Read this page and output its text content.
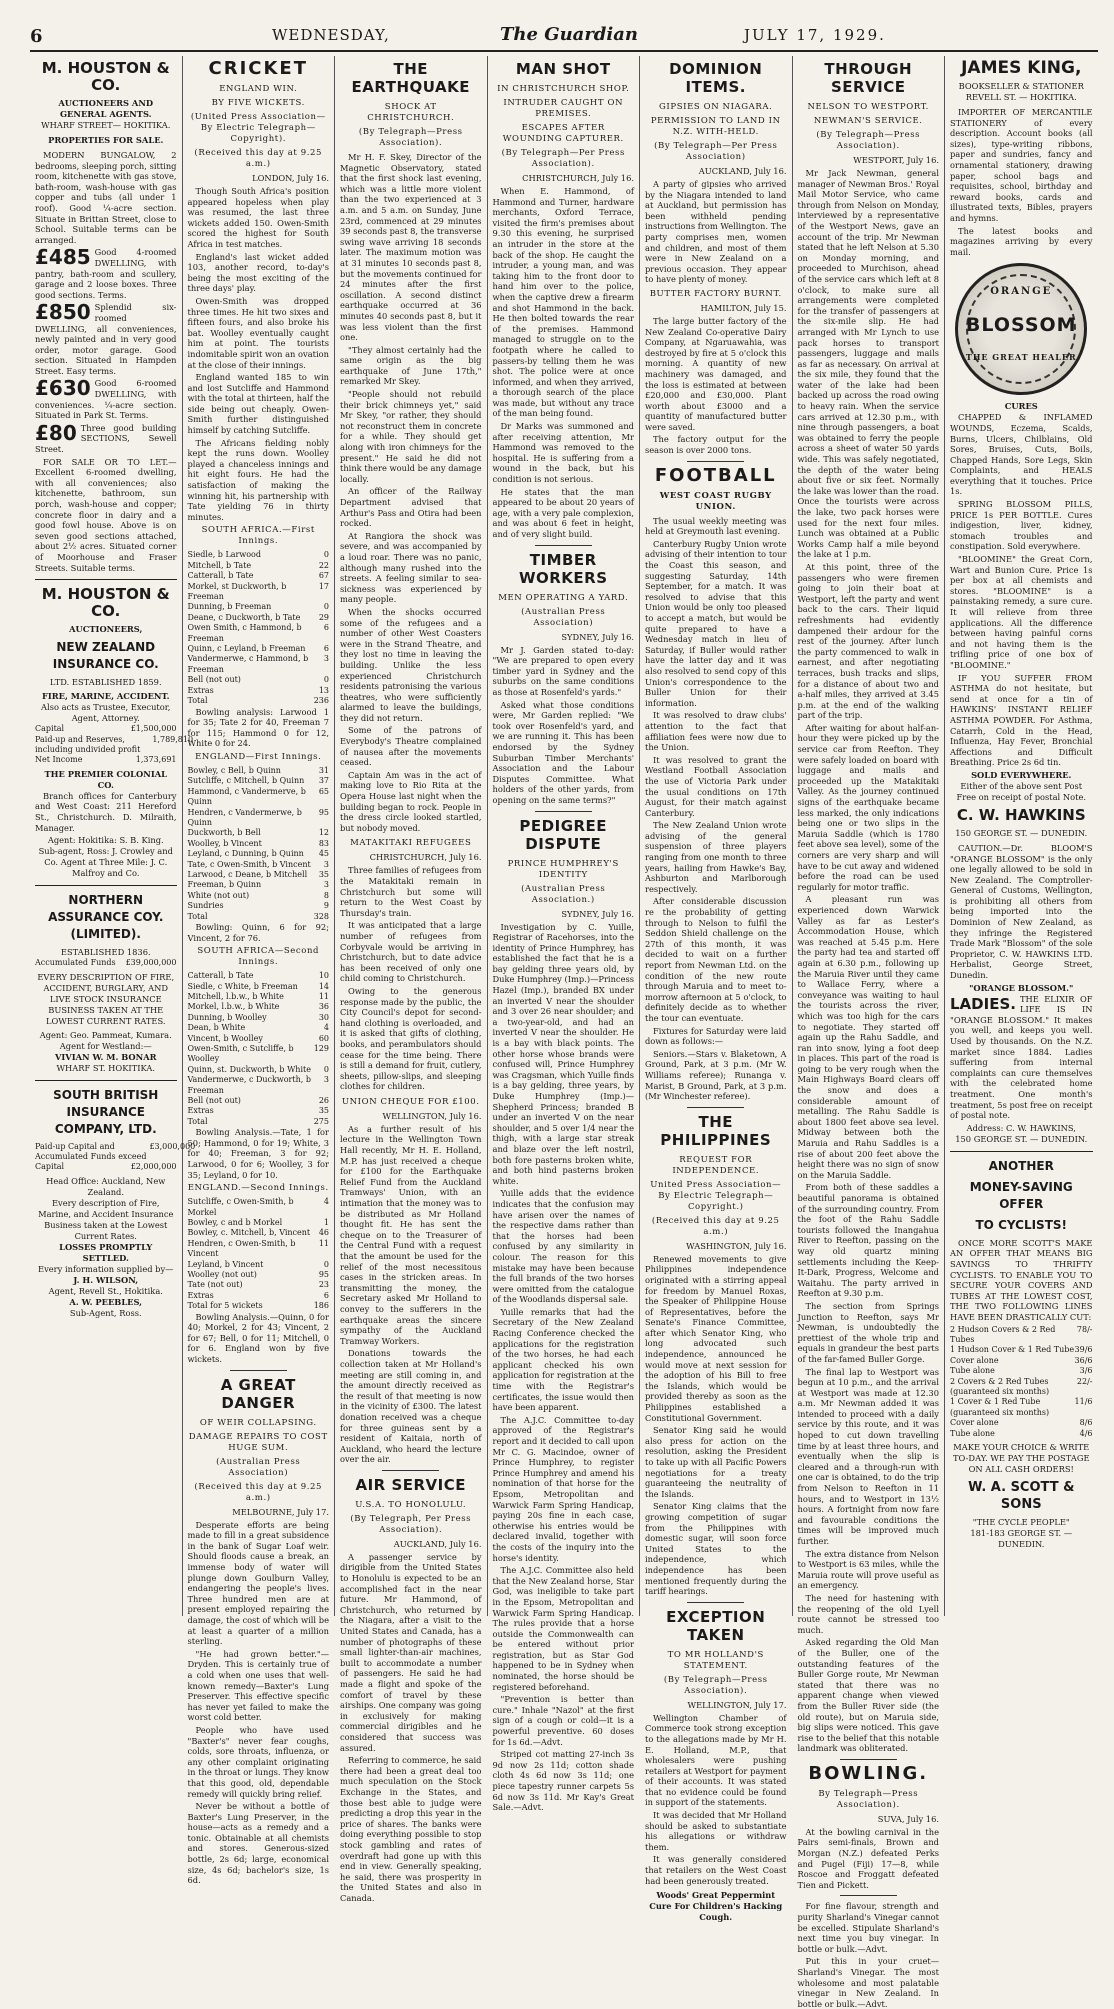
6	WEDNESDAY,	The Guardian	JULY 17, 1929.
M. HOUSTON & CO.
AUCTIONEERS AND GENERAL AGENTS.
WHARF STREET— HOKITIKA.
PROPERTIES FOR SALE.

MODERN BUNGALOW, 2 bedrooms, sleeping porch, sitting room, kitchenette with gas stove, bath-room, wash-house with gas copper and tubs (all under 1 roof). Good ¼-acre section. Situate in Brittan Street, close to School. Suitable terms can be arranged.

£485 Good 4-roomed DWELLING, with pantry, bath-room and scullery, garage and 2 loose boxes. Three good sections. Terms.

£850 Splendid six-roomed DWELLING, all conveniences, newly painted and in very good order, motor garage. Good section. Situated in Hampden Street. Easy terms.

£630 Good 6-roomed DWELLING, with conveniences. ¼-acre section. Situated in Park St. Terms.

£80 Three good building SECTIONS, Sewell Street.

FOR SALE OR TO LET.—Excellent 6-roomed dwelling, with all conveniences; also kitchenette, bathroom, sun porch, wash-house and copper; concrete floor in dairy and a good fowl house. Above is on seven good sections attached, about 2½ acres. Situated corner of Moorhouse and Fraser Streets. Suitable terms.

M. HOUSTON & CO.
AUCTIONEERS,
NEW ZEALAND INSURANCE CO.
LTD. ESTABLISHED 1859.
FIRE, MARINE, ACCIDENT.
Also acts as Trustee, Executor, Agent, Attorney.
Capital	£1,500,000
Paid-up and Reserves, including undivided profit
1,789,810
Net Income	1,373,691
THE PREMIER COLONIAL CO.

Branch offices for Canterbury and West Coast: 211 Hereford St., Christchurch. D. Milraith, Manager.

Agent: Hokitika: S. B. King.
Sub-agent, Ross: J. Crowley and Co. Agent at Three Mile: J. C. Malfroy and Co.
NORTHERN ASSURANCE COY. (LIMITED).
ESTABLISHED 1836.
Accumulated Funds £39,000,000
EVERY DESCRIPTION OF FIRE, ACCIDENT, BURGLARY, AND LIVE STOCK INSURANCE BUSINESS TAKEN AT THE LOWEST CURRENT RATES.
Agent: Geo. Pammeat, Kumara. Agent for Westland:—
VIVIAN W. M. BONAR
WHARF ST. HOKITIKA.
SOUTH BRITISH INSURANCE COMPANY, LTD.
Paid-up Capital and Accumulated Funds exceed
£3,000,000
Capital	£2,000,000
Head Office: Auckland, New Zealand.
Every description of Fire, Marine, and Accident Insurance Business taken at the Lowest Current Rates.
LOSSES PROMPTLY SETTLED.
Every information supplied by—
J. H. WILSON,
Agent, Revell St., Hokitika.
A. W. PEEBLES,
Sub-Agent, Ross.
CRICKET
ENGLAND WIN.
BY FIVE WICKETS.
(United Press Association—By Electric Telegraph—Copyright).
(Received this day at 9.25 a.m.)
LONDON, July 16.

Though South Africa's position appeared hopeless when play was resumed, the last three wickets added 150. Owen-Smith scored the highest for South Africa in test matches.

England's last wicket added 103, another record, to-day's being the most exciting of the three days' play.

Owen-Smith was dropped three times. He hit two sixes and fifteen fours, and also broke his bat. Woolley eventually caught him at point. The tourists indomitable spirit won an ovation at the close of their innings.

England wanted 185 to win and lost Sutcliffe and Hammond with the total at thirteen, half the side being out cheaply. Owen-Smith further distinguished himself by catching Sutcliffe.

The Africans fielding nobly kept the runs down. Woolley played a chanceless innings and hit eight fours. He had the satisfaction of making the winning hit, his partnership with Tate yielding 76 in thirty minutes.

SOUTH AFRICA.—First Innings.
Siedle, b Larwood	0
Mitchell, b Tate	22
Catterall, b Tate	67
Morkel, st Duckworth, b Freeman
17
Dunning, b Freeman	0
Deane, c Duckworth, b Tate	29
Owen Smith, c Hammond, b Freeman
6
Quinn, c Leyland, b Freeman	6
Vandermerwe, c Hammond, b Freeman
3
Bell (not out)	0
Extras	13
Total	236

Bowling analysis: Larwood 1 for 35; Tate 2 for 40, Freeman 7 for 115; Hammond 0 for 12, White 0 for 24.

ENGLAND—First Innings.
Bowley, c Bell, b Quinn	31
Sutcliffe, c Mitchell, b Quinn	37
Hammond, c Vandermerve, b Quinn
65
Hendren, c Vandermerwe, b Quinn
95
Duckworth, b Bell	12
Woolley, b Vincent	83
Leyland, c Dunning, b Quinn	45
Tate, c Owen-Smith, b Vincent	3
Larwood, c Deane, b Mitchell	35
Freeman, b Quinn	3
White (not out)	8
Sundries	9
Total	328

Bowling: Quinn, 6 for 92; Vincent, 2 for 76.

SOUTH AFRICA—Second Innings.
Catterall, b Tate	10
Siedle, c White, b Freeman	14
Mitchell, l.b.w., b White	11
Morkel, l.b.w., b White	36
Dunning, b Woolley	30
Dean, b White	4
Vincent, b Woolley	60
Owen-Smith, c Sutcliffe, b Woolley
129
Quinn, st. Duckworth, b White	0
Vandermerwe, c Duckworth, b Freeman
3
Bell (not out)	26
Extras	35
Total	275

Bowling Analysis.—Tate, 1 for 50; Hammond, 0 for 19; White, 3 for 40; Freeman, 3 for 92; Larwood, 0 for 6; Woolley, 3 for 35; Leyland, 0 for 10.

ENGLAND.—Second Innings.
Sutcliffe, c Owen-Smith, b Morkel
4
Bowley, c and b Morkel	1
Bowley, c. Mitchell, b, Vincent	46
Hendren, c Owen-Smith, b Vincent
11
Leyland, b Vincent	0
Woolley (not out)	95
Tate (not out)	23
Extras	6
Total for 5 wickets	186

Bowling Analysis.—Quinn, 0 for 40; Morkel, 2 for 43; Vincent, 2 for 67; Bell, 0 for 11; Mitchell, 0 for 6. England won by five wickets.

A GREAT DANGER
OF WEIR COLLAPSING.
DAMAGE REPAIRS TO COST HUGE SUM.
(Australian Press Association)
(Received this day at 9.25 a.m.)
MELBOURNE, July 17.

Desperate efforts are being made to fill in a great subsidence in the bank of Sugar Loaf weir. Should floods cause a break, an immense body of water will plunge down Goulburn Valley, endangering the people's lives. Three hundred men are at present employed repairing the damage, the cost of which will be at least a quarter of a million sterling.

"He had grown better."—Dryden. This is certainly true of a cold when one uses that well-known remedy—Baxter's Lung Preserver. This effective specific has never yet failed to make the worst cold better.

People who have used "Baxter's" never fear coughs, colds, sore throats, influenza, or any other complaint originating in the throat or lungs. They know that this good, old, dependable remedy will quickly bring relief.

Never be without a bottle of Baxter's Lung Preserver, in the house—acts as a remedy and a tonic. Obtainable at all chemists and stores. Generous-sized bottle, 2s 6d; large, economical size, 4s 6d; bachelor's size, 1s 6d.

THE EARTHQUAKE
SHOCK AT CHRISTCHURCH.
(By Telegraph—Press Association).

Mr H. F. Skey, Director of the Magnetic Observatory, stated that the first shock last evening, which was a little more violent than the two experienced at 3 a.m. and 5 a.m. on Sunday, June 23rd, commenced at 29 minutes 39 seconds past 8, the transverse swing wave arriving 18 seconds later. The maximum motion was at 31 minutes 10 seconds past 8, but the movements continued for 24 minutes after the first oscillation. A second distinct earthquake occurred at 36 minutes 40 seconds past 8, but it was less violent than the first one.

"They almost certainly had the same origin as the big earthquake of June 17th," remarked Mr Skey.

"People should not rebuild their brick chimneys yet," said Mr Skey, "or rather, they should not reconstruct them in concrete for a while. They should get along with iron chimneys for the present." He said he did not think there would be any damage locally.

An officer of the Railway Department advised that Arthur's Pass and Otira had been rocked.

At Rangiora the shock was severe, and was accompanied by a loud roar. There was no panic, although many rushed into the streets. A feeling similar to sea-sickness was experienced by many people.

When the shocks occurred some of the refugees and a number of other West Coasters were in the Strand Theatre, and they lost no time in leaving the building. Unlike the less experienced Christchurch residents patronising the various theatres, who were sufficiently alarmed to leave the buildings, they did not return.

Some of the patrons of Everybody's Theatre complained of nausea after the movements ceased.

Captain Am was in the act of making love to Rio Rita at the Opera House last night when the building began to rock. People in the dress circle looked startled, but nobody moved.

MATAKITAKI REFUGEES
CHRISTCHURCH, July 16.

Three families of refugees from the Matakitaki remain in Christchurch but some will return to the West Coast by Thursday's train.

It was anticipated that a large number of refugees from Corbyvale would be arriving in Christchurch, but to date advice has been received of only one child coming to Christchurch.

Owing to the generous response made by the public, the City Council's depot for second-hand clothing is overloaded, and it is asked that gifts of clothing, books, and perambulators should cease for the time being. There is still a demand for fruit, cutlery, sheets, pillow-slips, and sleeping clothes for children.

UNION CHEQUE FOR £100.
WELLINGTON, July 16.

As a further result of his lecture in the Wellington Town Hall recently, Mr H. E. Holland, M.P. has just received a cheque for £100 for the Earthquake Relief Fund from the Auckland Tramways' Union, with an intimation that the money was to be distributed as Mr Holland thought fit. He has sent the cheque on to the Treasurer of the Central Fund with a request that the amount be used for the relief of the most necessitous cases in the stricken areas. In transmitting the money, the Secretary asked Mr Holland to convey to the sufferers in the earthquake areas the sincere sympathy of the Auckland Tramway Workers.

Donations towards the collection taken at Mr Holland's meeting are still coming in, and the amount directly received as the result of that meeting is now in the vicinity of £300. The latest donation received was a cheque for three guineas sent by a resident of Kaitaia, north of Auckland, who heard the lecture over the air.

AIR SERVICE
U.S.A. TO HONOLULU.
(By Telegraph, Per Press Association).
AUCKLAND, July 16.

A passenger service by dirigible from the United States to Honolulu is expected to be an accomplished fact in the near future. Mr Hammond, of Christchurch, who returned by the Niagara, after a visit to the United States and Canada, has a number of photographs of these small lighter-than-air machines, built to accommodate a number of passengers. He said he had made a flight and spoke of the comfort of travel by these airships. One company was going in exclusively for making commercial dirigibles and he considered that success was assured.

Referring to commerce, he said there had been a great deal too much speculation on the Stock Exchange in the States, and those best able to judge were predicting a drop this year in the price of shares. The banks were doing everything possible to stop stock gambling and rates of overdraft had gone up with this end in view. Generally speaking, he said, there was prosperity in the United States and also in Canada.

MAN SHOT
IN CHRISTCHURCH SHOP.
INTRUDER CAUGHT ON PREMISES.
ESCAPES AFTER WOUNDING CAPTURER.
(By Telegraph—Per Press Association).
CHRISTCHURCH, July 16.

When E. Hammond, of Hammond and Turner, hardware merchants, Oxford Terrace, visited the firm's premises about 9.30 this evening, he surprised an intruder in the store at the back of the shop. He caught the intruder, a young man, and was taking him to the front door to hand him over to the police, when the captive drew a firearm and shot Hammond in the back. He then bolted towards the rear of the premises. Hammond managed to struggle on to the footpath where he called to passers-by telling them he was shot. The police were at once informed, and when they arrived, a thorough search of the place was made, but without any trace of the man being found.

Dr Marks was summoned and after receiving attention, Mr Hammond was removed to the hospital. He is suffering from a wound in the back, but his condition is not serious.

He states that the man appeared to be about 20 years of age, with a very pale complexion, and was about 6 feet in height, and of very slight build.

TIMBER WORKERS
MEN OPERATING A YARD.
(Australian Press Association)
SYDNEY, July 16.

Mr J. Garden stated to-day: "We are prepared to open every timber yard in Sydney and the suburbs on the same conditions as those at Rosenfeld's yards."

Asked what those conditions were, Mr Garden replied: "We took over Rosenfeld's yard, and we are running it. This has been endorsed by the Sydney Suburban Timber Merchants' Association and the Labour Disputes Committee. What holders of the other yards, from opening on the same terms?"

PEDIGREE DISPUTE
PRINCE HUMPHREY'S IDENTITY
(Australian Press Association.)
SYDNEY, July 16.

Investigation by C. Yuille, Registrar of Racehorses, into the identity of Prince Humphrey, has established the fact that he is a bay gelding three years old, by Duke Humphrey (Imp.)—Princess Hazel (Imp.), branded BX under an inverted V near the shoulder and 3 over 26 near shoulder; and a two-year-old, and had an inverted V near the shoulder. He is a bay with black points. The other horse whose brands were confused will, Prince Humphrey was Cragsman, which Yuille finds is a bay gelding, three years, by Duke Humphrey (Imp.)—Shepherd Princess; branded B under an inverted V on the near shoulder, and 5 over 1/4 near the thigh, with a large star streak and blaze over the left nostril, both fore pasterns broken white, and both hind pasterns broken white.

Yuille adds that the evidence indicates that the confusion may have arisen over the names of the respective dams rather than that the horses had been confused by any similarity in colour. The reason for this mistake may have been because the full brands of the two horses were omitted from the catalogue of the Woodlands dispersal sale.

Yuille remarks that had the Secretary of the New Zealand Racing Conference checked the applications for the registration of the two horses, he had each applicant checked his own application for registration at the time with the Registrar's certificates, the issue would then have been apparent.

The A.J.C. Committee to-day approved of the Registrar's report and it decided to call upon Mr C. G. Macindoe, owner of Prince Humphrey, to register Prince Humphrey and amend his nomination of that horse for the Epsom, Metropolitan and Warwick Farm Spring Handicap, paying 20s fine in each case, otherwise his entries would be declared invalid, together with the costs of the inquiry into the horse's identity.

The A.J.C. Committee also held that the New Zealand horse, Star God, was ineligible to take part in the Epsom, Metropolitan and Warwick Farm Spring Handicap. The rules provide that a horse outside the Commonwealth can be entered without prior registration, but as Star God happened to be in Sydney when nominated, the horse should be registered beforehand.

"Prevention is better than cure." Inhale "Nazol" at the first sign of a cough or cold—it is a powerful preventive. 60 doses for 1s 6d.—Advt.

Striped cot matting 27-inch 3s 9d now 2s 11d; cotton shade cloth 4s 6d now 3s 11d; one piece tapestry runner carpets 5s 6d now 3s 11d. Mr Kay's Great Sale.—Advt.

DOMINION ITEMS.
GIPSIES ON NIAGARA.
PERMISSION TO LAND IN N.Z. WITH-HELD.
(By Telegraph—Per Press Association)
AUCKLAND, July 16.

A party of gipsies who arrived by the Niagara intended to land at Auckland, but permission has been withheld pending instructions from Wellington. The party comprises men, women and children, and most of them were in New Zealand on a previous occasion. They appear to have plenty of money.

BUTTER FACTORY BURNT.
HAMILTON, July 15.

The large butter factory of the New Zealand Co-operative Dairy Company, at Ngaruawahia, was destroyed by fire at 5 o'clock this morning. A quantity of new machinery was damaged, and the loss is estimated at between £20,000 and £30,000. Plant worth about £3000 and a quantity of manufactured butter were saved.

The factory output for the season is over 2000 tons.

FOOTBALL
WEST COAST RUGBY UNION.

The usual weekly meeting was held at Greymouth last evening.

Canterbury Rugby Union wrote advising of their intention to tour the Coast this season, and suggesting Saturday, 14th September, for a match. It was resolved to advise that this Union would be only too pleased to accept a match, but would be quite prepared to have a Wednesday match in lieu of Saturday, if Buller would rather have the latter day and it was also resolved to send copy of this Union's correspondence to the Buller Union for their information.

It was resolved to draw clubs' attention to the fact that affiliation fees were now due to the Union.

It was resolved to grant the Westland Football Association the use of Victoria Park under the usual conditions on 17th August, for their match against Canterbury.

The New Zealand Union wrote advising of the general suspension of three players ranging from one month to three years, hailing from Hawke's Bay, Ashburton and Marlborough respectively.

After considerable discussion re the probability of getting through to Nelson to fulfil the Seddon Shield challenge on the 27th of this month, it was decided to wait on a further report from Newman Ltd. on the condition of the new route through Maruia and to meet to-morrow afternoon at 5 o'clock, to definitely decide as to whether the tour can eventuate.

Fixtures for Saturday were laid down as follows:—

Seniors.—Stars v. Blaketown, A Ground, Park, at 3 p.m. (Mr W. Williams referee); Runanga v. Marist, B Ground, Park, at 3 p.m. (Mr Winchester referee).

THE PHILIPPINES
REQUEST FOR INDEPENDENCE.
United Press Association—By Electric Telegraph—Copyright.)
(Received this day at 9.25 a.m.)
WASHINGTON, July 16.

Renewed movements to give Philippines independence originated with a stirring appeal for freedom by Manuel Roxas, the Speaker of Philippine House of Representatives, before the Senate's Finance Committee, after which Senator King, who long advocated such independence, announced he would move at next session for the adoption of his Bill to free the Islands, which would be provided thereby as soon as the Philippines established a Constitutional Government.

Senator King said he would also press for action on the resolution, asking the President to take up with all Pacific Powers negotiations for a treaty guaranteeing the neutrality of the Islands.

Senator King claims that the growing competition of sugar from the Philippines with domestic sugar, will soon force United States to the independence, which independence has been mentioned frequently during the tariff hearings.

EXCEPTION TAKEN
TO MR HOLLAND'S STATEMENT.
(By Telegraph—Press Association).
WELLINGTON, July 17.

Wellington Chamber of Commerce took strong exception to the allegations made by Mr H. E. Holland, M.P., that wholesalers were pushing retailers at Westport for payment of their accounts. It was stated that no evidence could be found in support of the statements.

It was decided that Mr Holland should be asked to substantiate his allegations or withdraw them.

It was generally considered that retailers on the West Coast had been generously treated.

Woods' Great Peppermint Cure For Children's Hacking Cough.
THROUGH SERVICE
NELSON TO WESTPORT.
NEWMAN'S SERVICE.
(By Telegraph—Press Association).
WESTPORT, July 16.

Mr Jack Newman, general manager of Newman Bros.' Royal Mail Motor Service, who came through from Nelson on Monday, interviewed by a representative of the Westport News, gave an account of the trip. Mr Newman stated that he left Nelson at 5.30 on Monday morning, and proceeded to Murchison, ahead of the service cars which left at 8 o'clock, to make sure all arrangements were completed for the transfer of passengers at the six-mile slip. He had arranged with Mr Lynch to use pack horses to transport passengers, luggage and mails as far as necessary. On arrival at the six mile, they found that the water of the lake had been backed up across the road owing to heavy rain. When the service cars arrived at 12.30 p.m., with nine through passengers, a boat was obtained to ferry the people across a sheet of water 50 yards wide. This was safely negotiated, the depth of the water being about five or six feet. Normally the lake was lower than the road. Once the tourists were across the lake, two pack horses were used for the next four miles. Lunch was obtained at a Public Works Camp half a mile beyond the lake at 1 p.m.

At this point, three of the passengers who were firemen going to join their boat at Westport, left the party and went back to the cars. Their liquid refreshments had evidently dampened their ardour for the rest of the journey. After lunch the party commenced to walk in earnest, and after negotiating terraces, bush tracks and slips, for a distance of about two and a-half miles, they arrived at 3.45 p.m. at the end of the walking part of the trip.

After waiting for about half-an-hour they were picked up by the service car from Reefton. They were safely loaded on board with luggage and mails and proceeded up the Matakitaki Valley. As the journey continued signs of the earthquake became less marked, the only indications being one or two slips in the Maruia Saddle (which is 1780 feet above sea level), some of the corners are very sharp and will have to be cut away and widened before the road can be used regularly for motor traffic.

A pleasant run was experienced down Warwick Valley as far as Lester's Accommodation House, which was reached at 5.45 p.m. Here the party had tea and started off again at 6.30 p.m., following up the Maruia River until they came to Wallace Ferry, where a conveyance was waiting to haul the tourists across the river, which was too high for the cars to negotiate. They started off again up the Rahu Saddle, and ran into snow, lying a foot deep in places. This part of the road is going to be very rough when the Main Highways Board clears off the snow and does a considerable amount of metalling. The Rahu Saddle is about 1800 feet above sea level. Midway between both the Maruia and Rahu Saddles is a rise of about 200 feet above the height there was no sign of snow on the Maruia Saddle.

From both of these saddles a beautiful panorama is obtained of the surrounding country. From the foot of the Rahu Saddle tourists followed the Inangahua River to Reefton, passing on the way old quartz mining settlements including the Keep-It-Dark, Progress, Welcome and Waitahu. The party arrived in Reefton at 9.30 p.m.

The section from Springs Junction to Reefton, says Mr Newman, is undoubtedly the prettiest of the whole trip and equals in grandeur the best parts of the far-famed Buller Gorge.

The final lap to Westport was begun at 10 p.m., and the arrival at Westport was made at 12.30 a.m. Mr Newman added it was intended to proceed with a daily service by this route, and it was hoped to cut down travelling time by at least three hours, and eventually when the slip is cleared and a through-run with one car is obtained, to do the trip from Nelson to Reefton in 11 hours, and to Westport in 13½ hours. A fortnight from now fare and favourable conditions the times will be improved much further.

The extra distance from Nelson to Westport is 63 miles, while the Maruia route will prove useful as an emergency.

The need for hastening with the reopening of the old Lyell route cannot be stressed too much.

Asked regarding the Old Man of the Buller, one of the outstanding features of the Buller Gorge route, Mr Newman stated that there was no apparent change when viewed from the Buller River side (the old route), but on Maruia side, big slips were noticed. This gave rise to the belief that this notable landmark was obliterated.

BOWLING.
By Telegraph—Press Association).
SUVA, July 16.

At the bowling carnival in the Pairs semi-finals, Brown and Morgan (N.Z.) defeated Perks and Pugel (Fiji) 17—8, while Roscoe and Froggatt defeated Tien and Pickett.

For fine flavour, strength and purity Sharland's Vinegar cannot be excelled. Stipulate Sharland's next time you buy vinegar. In bottle or bulk.—Advt.

Put this in your cruet—Sharland's Vinegar. The most wholesome and most palatable vinegar in New Zealand. In bottle or bulk.—Advt.

JAMES KING,
BOOKSELLER & STATIONER
REVELL ST. — HOKITIKA.

IMPORTER OF MERCANTILE STATIONERY of every description. Account books (all sizes), type-writing ribbons, paper and sundries, fancy and ornamental stationery, drawing paper, school bags and requisites, school, birthday and reward books, cards and illustrated texts, Bibles, prayers and hymns.

The latest books and magazines arriving by every mail.

ORANGE
BLOSSOM
THE GREAT HEALER
CURES

CHAPPED & INFLAMED WOUNDS, Eczema, Scalds, Burns, Ulcers, Chilblains, Old Sores, Bruises, Cuts, Boils, Chapped Hands, Sore Legs, Skin Complaints, and HEALS everything that it touches. Price 1s.

SPRING BLOSSOM PILLS, PRICE 1s PER BOTTLE. Cures indigestion, liver, kidney, stomach troubles and constipation. Sold everywhere.

"BLOOMINE" the Great Corn, Wart and Bunion Cure. Price 1s per box at all chemists and stores. "BLOOMINE" is a painstaking remedy, a sure cure. It will relieve from three applications. All the difference between having painful corns and not having them is the trifling price of one box of "BLOOMINE."

IF YOU SUFFER FROM ASTHMA do not hesitate, but send at once for a tin of HAWKINS' INSTANT RELIEF ASTHMA POWDER. For Asthma, Catarrh, Cold in the Head, Influenza, Hay Fever, Bronchial Affections and Difficult Breathing. Price 2s 6d tin.

SOLD EVERYWHERE.
Either of the above sent Post Free on receipt of postal Note.
C. W. HAWKINS
150 GEORGE ST. — DUNEDIN.

CAUTION.—Dr. BLOOM'S "ORANGE BLOSSOM" is the only one legally allowed to be sold in New Zealand. The Comptroller-General of Customs, Wellington, is prohibiting all others from being imported into the Dominion of New Zealand, as they infringe the Registered Trade Mark "Blossom" of the sole Proprietor, C. W. HAWKINS LTD. Herbalist, George Street, Dunedin.

"ORANGE BLOSSOM."

LADIES. THE ELIXIR OF LIFE IS IN "ORANGE BLOSSOM." It makes you well, and keeps you well. Used by thousands. On the N.Z. market since 1884. Ladies suffering from internal complaints can cure themselves with the celebrated home treatment. One month's treatment, 5s post free on receipt of postal note.

Address: C. W. HAWKINS,
150 GEORGE ST. — DUNEDIN.
ANOTHER
MONEY-SAVING OFFER
TO CYCLISTS!

ONCE MORE SCOTT'S MAKE AN OFFER THAT MEANS BIG SAVINGS TO THRIFTY CYCLISTS. TO ENABLE YOU TO SECURE YOUR COVERS AND TUBES AT THE LOWEST COST, THE TWO FOLLOWING LINES HAVE BEEN DRASTICALLY CUT:

2 Hudson Covers & 2 Red Tubes
78/-
1 Hudson Cover & 1 Red Tube 39/6
Cover alone	36/6
Tube alone	3/6
2 Covers & 2 Red Tubes (guaranteed six months)
22/-
1 Cover & 1 Red Tube (guaranteed six months)
11/6
Cover alone	8/6
Tube alone	4/6
MAKE YOUR CHOICE & WRITE TO-DAY. WE PAY THE POSTAGE ON ALL CASH ORDERS!
W. A. SCOTT & SONS
"THE CYCLE PEOPLE"
181-183 GEORGE ST. — DUNEDIN.
